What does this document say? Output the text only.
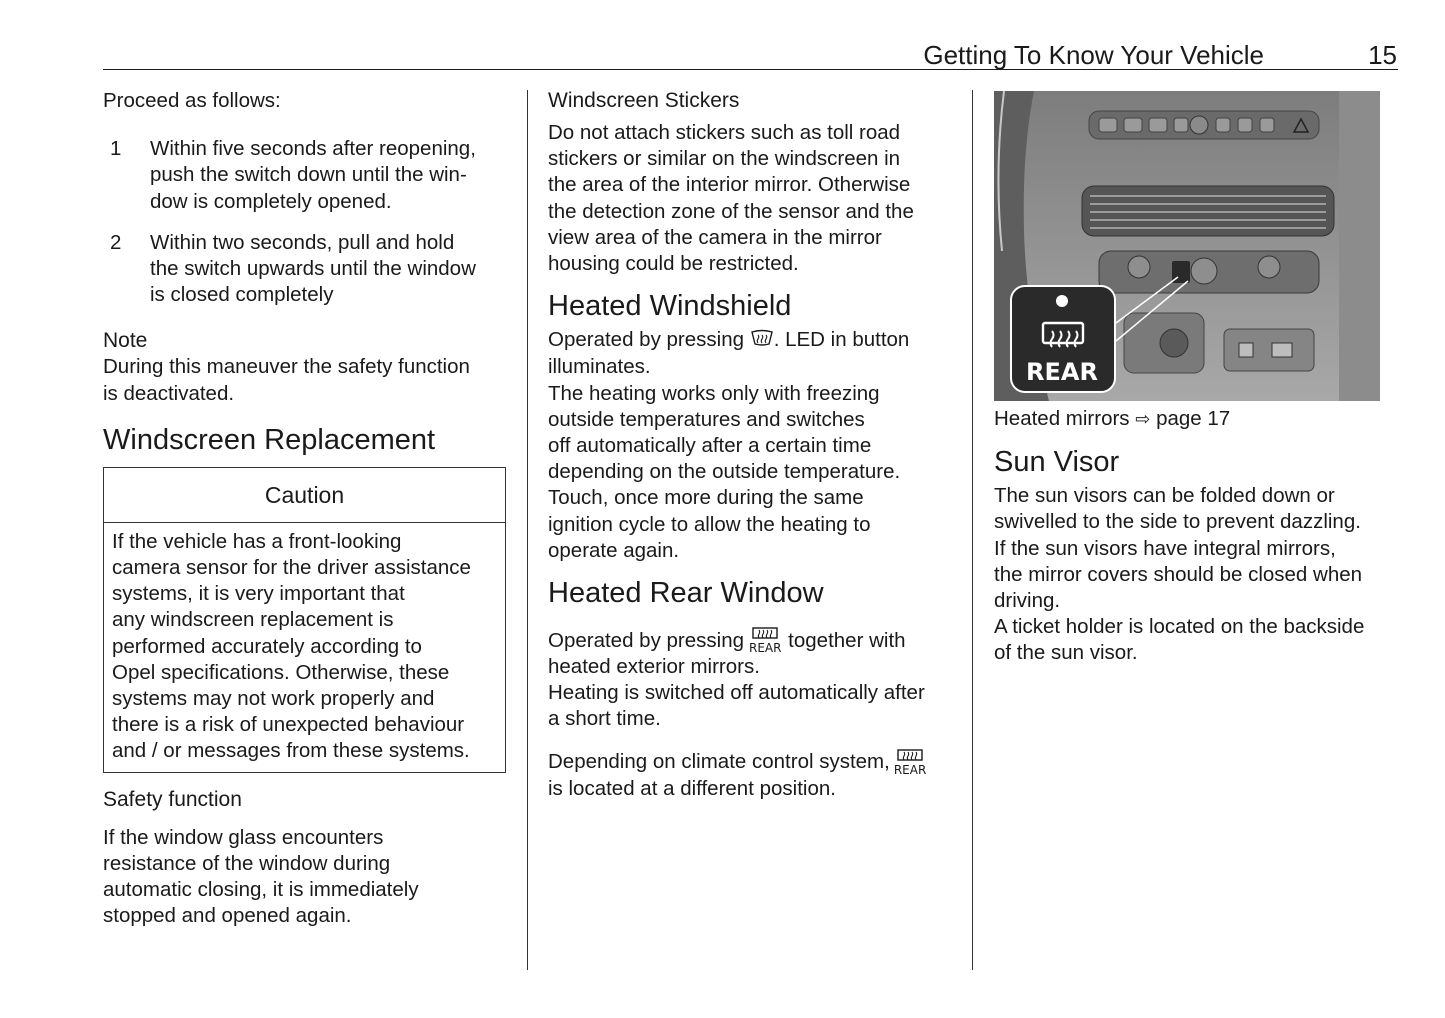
Getting To Know Your Vehicle	15

Proceed as follows:

1	Within five seconds after reopening,
push the switch down until the win‐
dow is completely opened.
2	Within two seconds, pull and hold
the switch upwards until the window
is closed completely
Note
During this maneuver the safety function
is deactivated.
Windscreen Replacement
Caution
If the vehicle has a front-looking
camera sensor for the driver assistance
systems, it is very important that
any windscreen replacement is
performed accurately according to
Opel specifications. Otherwise, these
systems may not work properly and
there is a risk of unexpected behaviour
and / or messages from these systems.
Safety function
If the window glass encounters
resistance of the window during
automatic closing, it is immediately
stopped and opened again.
Windscreen Stickers
Do not attach stickers such as toll road
stickers or similar on the windscreen in
the area of the interior mirror. Otherwise
the detection zone of the sensor and the
view area of the camera in the mirror
housing could be restricted.
Heated Windshield
Operated by pressing . LED in button
illuminates.
The heating works only with freezing
outside temperatures and switches
off automatically after a certain time
depending on the outside temperature.
Touch, once more during the same
ignition cycle to allow the heating to
operate again.
Heated Rear Window
Operated by pressing REAR together with
heated exterior mirrors.
Heating is switched off automatically after
a short time.
Depending on climate control system, REAR
is located at a different position.
REAR
Heated mirrors ⇨ page 17
Sun Visor
The sun visors can be folded down or
swivelled to the side to prevent dazzling.
If the sun visors have integral mirrors,
the mirror covers should be closed when
driving.
A ticket holder is located on the backside
of the sun visor.
